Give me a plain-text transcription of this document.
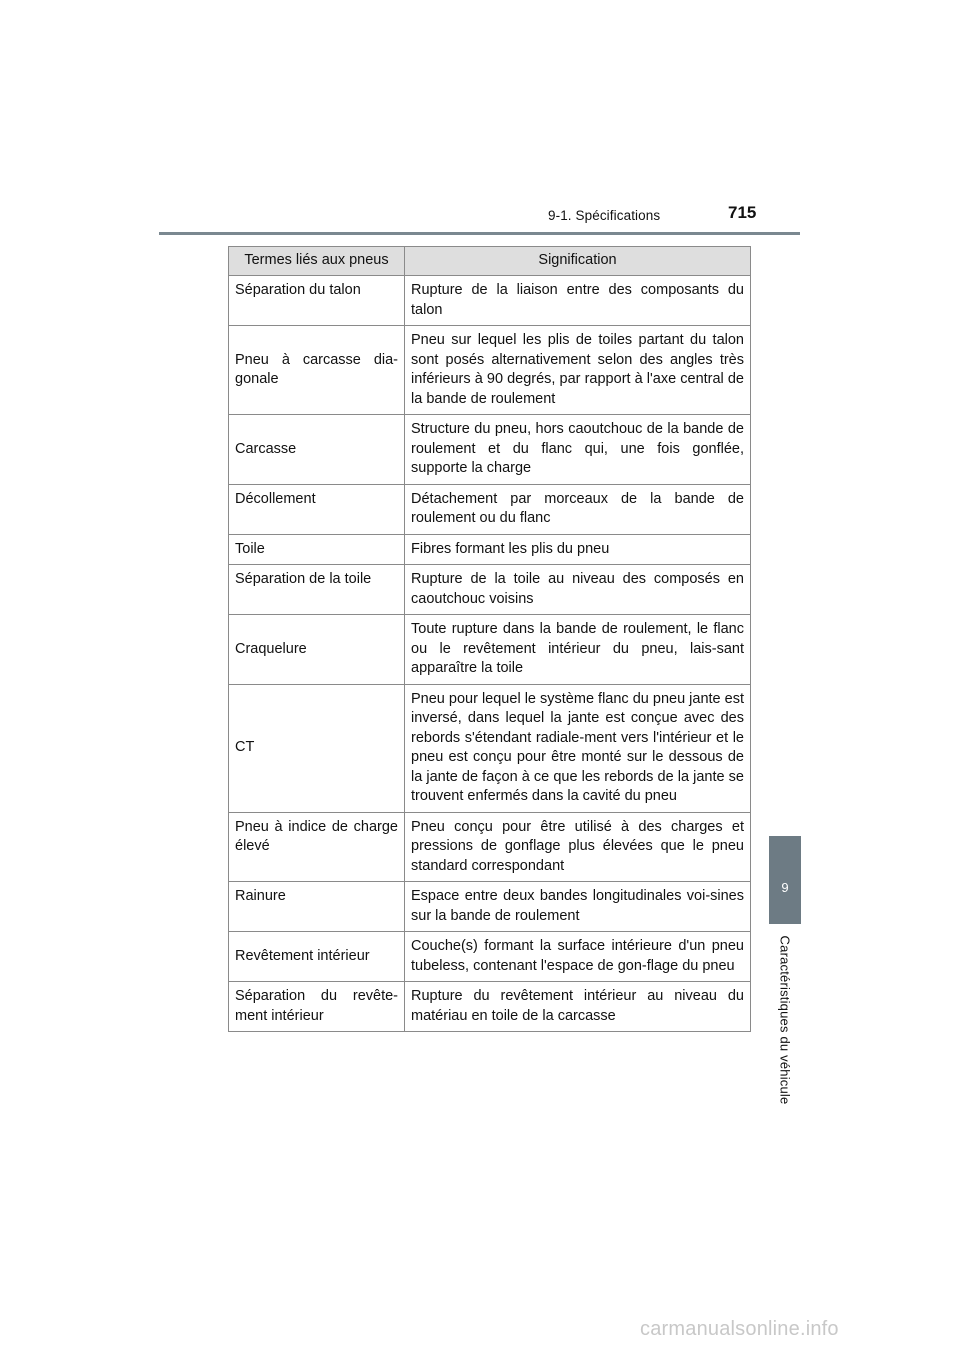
9-1. Spécifications	715
9
Caractéristiques du véhicule
Termes liés aux pneus	Signification
Séparation du talon	Rupture de la liaison entre des composants du talon
Pneu à carcasse dia-gonale	Pneu sur lequel les plis de toiles partant du talon sont posés alternativement selon des angles très inférieurs à 90 degrés, par rapport à l'axe central de la bande de roulement
Carcasse	Structure du pneu, hors caoutchouc de la bande de roulement et du flanc qui, une fois gonflée, supporte la charge
Décollement	Détachement par morceaux de la bande de roulement ou du flanc
Toile	Fibres formant les plis du pneu
Séparation de la toile	Rupture de la toile au niveau des composés en caoutchouc voisins
Craquelure	Toute rupture dans la bande de roulement, le flanc ou le revêtement intérieur du pneu, lais-sant apparaître la toile
CT	Pneu pour lequel le système flanc du pneu jante est inversé, dans lequel la jante est conçue avec des rebords s'étendant radiale-ment vers l'intérieur et le pneu est conçu pour être monté sur le dessous de la jante de façon à ce que les rebords de la jante se trouvent enfermés dans la cavité du pneu
Pneu à indice de charge élevé	Pneu conçu pour être utilisé à des charges et pressions de gonflage plus élevées que le pneu standard correspondant
Rainure	Espace entre deux bandes longitudinales voi-sines sur la bande de roulement
Revêtement intérieur	Couche(s) formant la surface intérieure d'un pneu tubeless, contenant l'espace de gon-flage du pneu
Séparation du revête-ment intérieur	Rupture du revêtement intérieur au niveau du matériau en toile de la carcasse
carmanualsonline.info
